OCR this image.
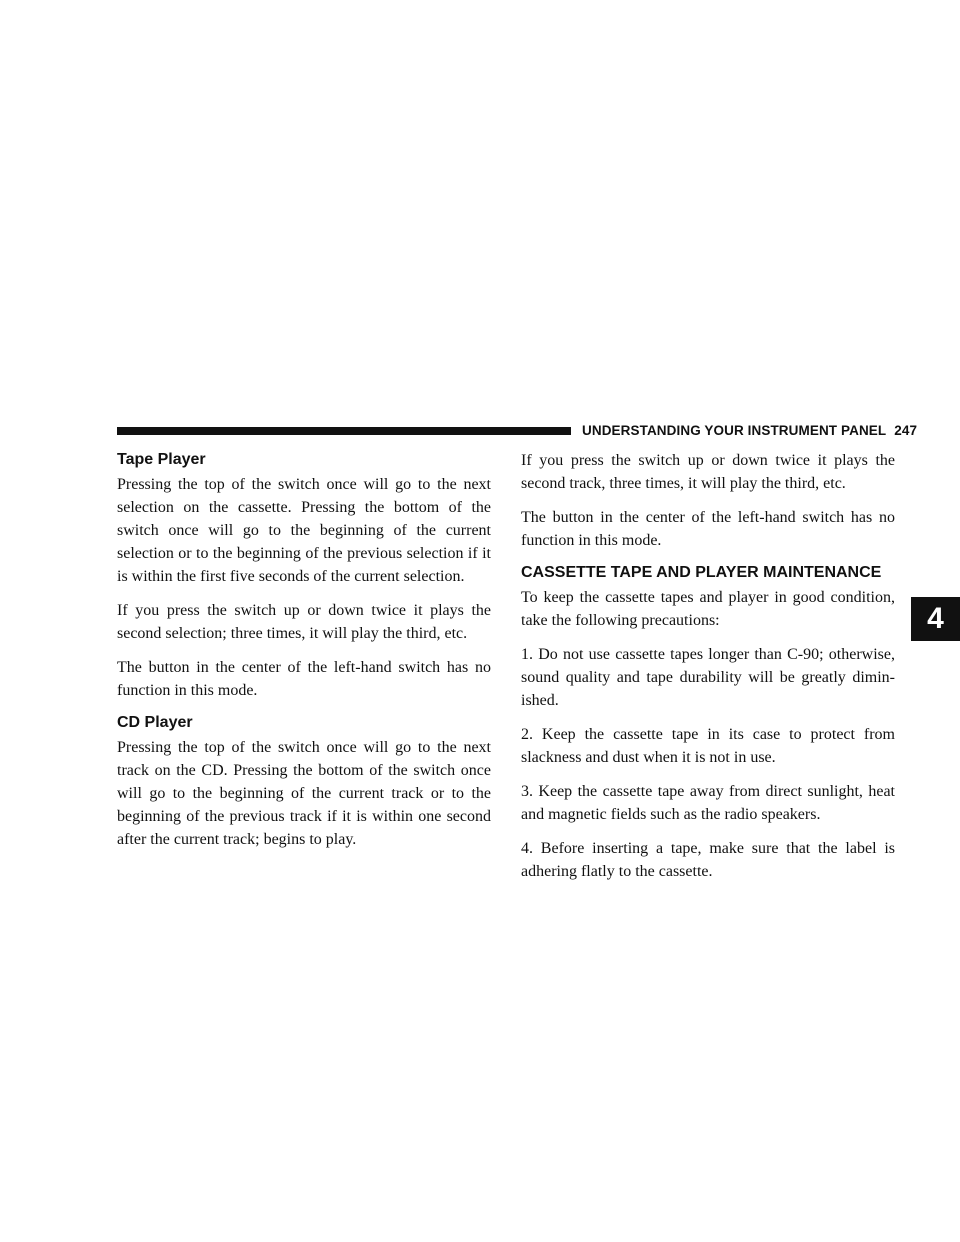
UNDERSTANDING YOUR INSTRUMENT PANEL 247
4
Tape Player

Pressing the top of the switch once will go to the next selection on the cassette. Pressing the bottom of the switch once will go to the beginning of the current selection or to the beginning of the previous selection if it is within the first five seconds of the current selection.

If you press the switch up or down twice it plays the second selection; three times, it will play the third, etc.

The button in the center of the left-hand switch has no function in this mode.

CD Player

Pressing the top of the switch once will go to the next track on the CD. Pressing the bottom of the switch once will go to the beginning of the current track or to the beginning of the previous track if it is within one second after the current track; begins to play.

If you press the switch up or down twice it plays the second track, three times, it will play the third, etc.

The button in the center of the left-hand switch has no function in this mode.

CASSETTE TAPE AND PLAYER MAINTENANCE

To keep the cassette tapes and player in good condition, take the following precautions:

1. Do not use cassette tapes longer than C-90; otherwise, sound quality and tape durability will be greatly dimin- ished.

2. Keep the cassette tape in its case to protect from slackness and dust when it is not in use.

3. Keep the cassette tape away from direct sunlight, heat and magnetic fields such as the radio speakers.

4. Before inserting a tape, make sure that the label is adhering flatly to the cassette.
